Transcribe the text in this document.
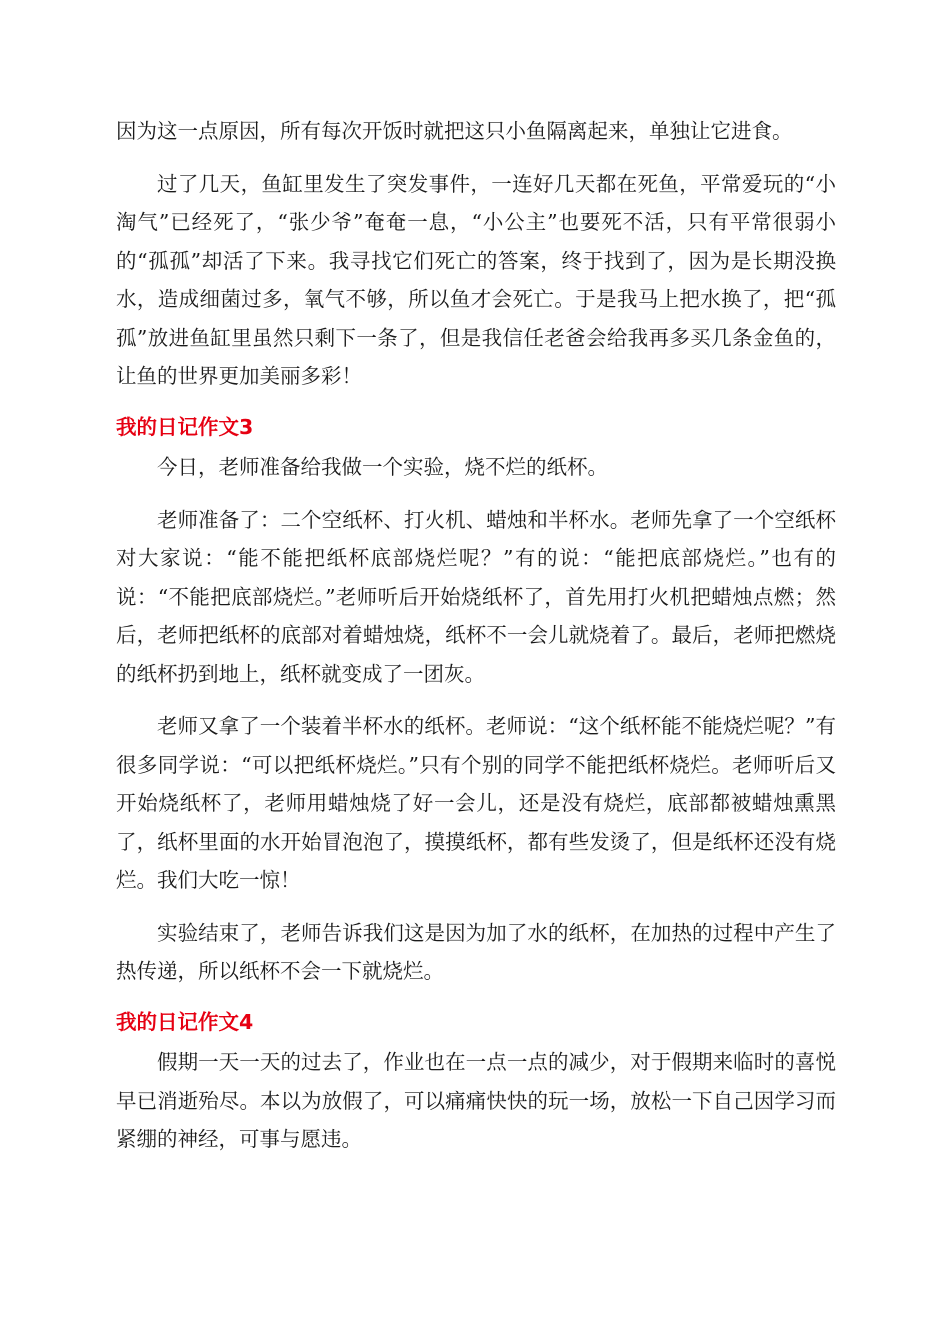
因为这一点原因，所有每次开饭时就把这只小鱼隔离起来，单独让它进食。

过了几天，鱼缸里发生了突发事件，一连好几天都在死鱼，平常爱玩的“小淘气”已经死了，“张少爷”奄奄一息，“小公主”也要死不活，只有平常很弱小的“孤孤”却活了下来。我寻找它们死亡的答案，终于找到了，因为是长期没换水，造成细菌过多，氧气不够，所以鱼才会死亡。于是我马上把水换了，把“孤孤”放进鱼缸里虽然只剩下一条了，但是我信任老爸会给我再多买几条金鱼的，让鱼的世界更加美丽多彩！

我的日记作文3

今日，老师准备给我做一个实验，烧不烂的纸杯。

老师准备了：二个空纸杯、打火机、蜡烛和半杯水。老师先拿了一个空纸杯对大家说：“能不能把纸杯底部烧烂呢？”有的说：“能把底部烧烂。”也有的说：“不能把底部烧烂。”老师听后开始烧纸杯了，首先用打火机把蜡烛点燃；然后，老师把纸杯的底部对着蜡烛烧，纸杯不一会儿就烧着了。最后，老师把燃烧的纸杯扔到地上，纸杯就变成了一团灰。

老师又拿了一个装着半杯水的纸杯。老师说：“这个纸杯能不能烧烂呢？”有很多同学说：“可以把纸杯烧烂。”只有个别的同学不能把纸杯烧烂。老师听后又开始烧纸杯了，老师用蜡烛烧了好一会儿，还是没有烧烂，底部都被蜡烛熏黑了，纸杯里面的水开始冒泡泡了，摸摸纸杯，都有些发烫了，但是纸杯还没有烧烂。我们大吃一惊！

实验结束了，老师告诉我们这是因为加了水的纸杯，在加热的过程中产生了热传递，所以纸杯不会一下就烧烂。

我的日记作文4

假期一天一天的过去了，作业也在一点一点的减少，对于假期来临时的喜悦早已消逝殆尽。本以为放假了，可以痛痛快快的玩一场，放松一下自己因学习而紧绷的神经，可事与愿违。
